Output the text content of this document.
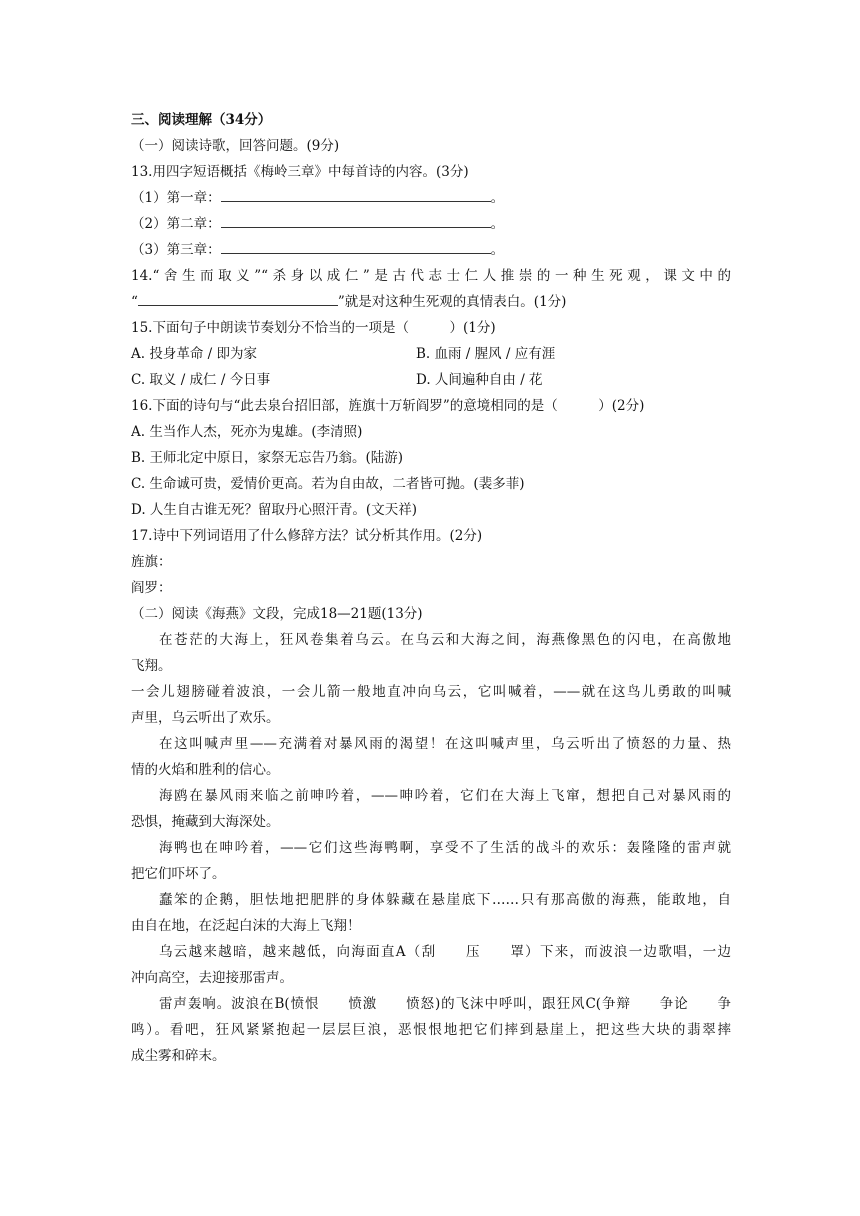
三、阅读理解（34分）
（一）阅读诗歌，回答问题。(9分)
13.用四字短语概括《梅岭三章》中每首诗的内容。(3分)
（1）第一章：	。
（2）第二章：	。
（3）第三章：	。
14.“舍生而取义”“杀身以成仁”是古代志士仁人推崇的一种生死观，课文中的
“	”就是对这种生死观的真情表白。(1分)
15.下面句子中朗读节奏划分不恰当的一项是（　　　）(1分)
A. 投身革命 / 即为家	B. 血雨 / 腥风 / 应有涯
C. 取义 / 成仁 / 今日事	D. 人间遍种自由 / 花
16.下面的诗句与“此去泉台招旧部，旌旗十万斩阎罗”的意境相同的是（　　　）(2分)
A. 生当作人杰，死亦为鬼雄。(李清照)
B. 王师北定中原日，家祭无忘告乃翁。(陆游)
C. 生命诚可贵，爱情价更高。若为自由故，二者皆可抛。(裴多菲)
D. 人生自古谁无死？留取丹心照汗青。(文天祥)
17.诗中下列词语用了什么修辞方法？试分析其作用。(2分)
旌旗：
阎罗：
（二）阅读《海燕》文段，完成18—21题(13分)
在苍茫的大海上，狂风卷集着乌云。在乌云和大海之间，海燕像黑色的闪电，在高傲地
飞翔。
一会儿翅膀碰着波浪，一会儿箭一般地直冲向乌云，它叫喊着，——就在这鸟儿勇敢的叫喊
声里，乌云听出了欢乐。
在这叫喊声里——充满着对暴风雨的渴望！在这叫喊声里，乌云听出了愤怒的力量、热
情的火焰和胜利的信心。
海鸥在暴风雨来临之前呻吟着，——呻吟着，它们在大海上飞窜，想把自己对暴风雨的
恐惧，掩藏到大海深处。
海鸭也在呻吟着，——它们这些海鸭啊，享受不了生活的战斗的欢乐：轰隆隆的雷声就
把它们吓坏了。
蠢笨的企鹅，胆怯地把肥胖的身体躲藏在悬崖底下……只有那高傲的海燕，能敢地，自
由自在地，在泛起白沫的大海上飞翔！
乌云越来越暗，越来越低，向海面直A（刮　　压　　罩）下来，而波浪一边歌唱，一边
冲向高空，去迎接那雷声。
雷声轰响。波浪在B(愤恨　　愤激　　愤怒)的飞沫中呼叫，跟狂风C(争辩　　争论　　争
鸣）。看吧，狂风紧紧抱起一层层巨浪，恶恨恨地把它们摔到悬崖上，把这些大块的翡翠摔
成尘雾和碎末。
